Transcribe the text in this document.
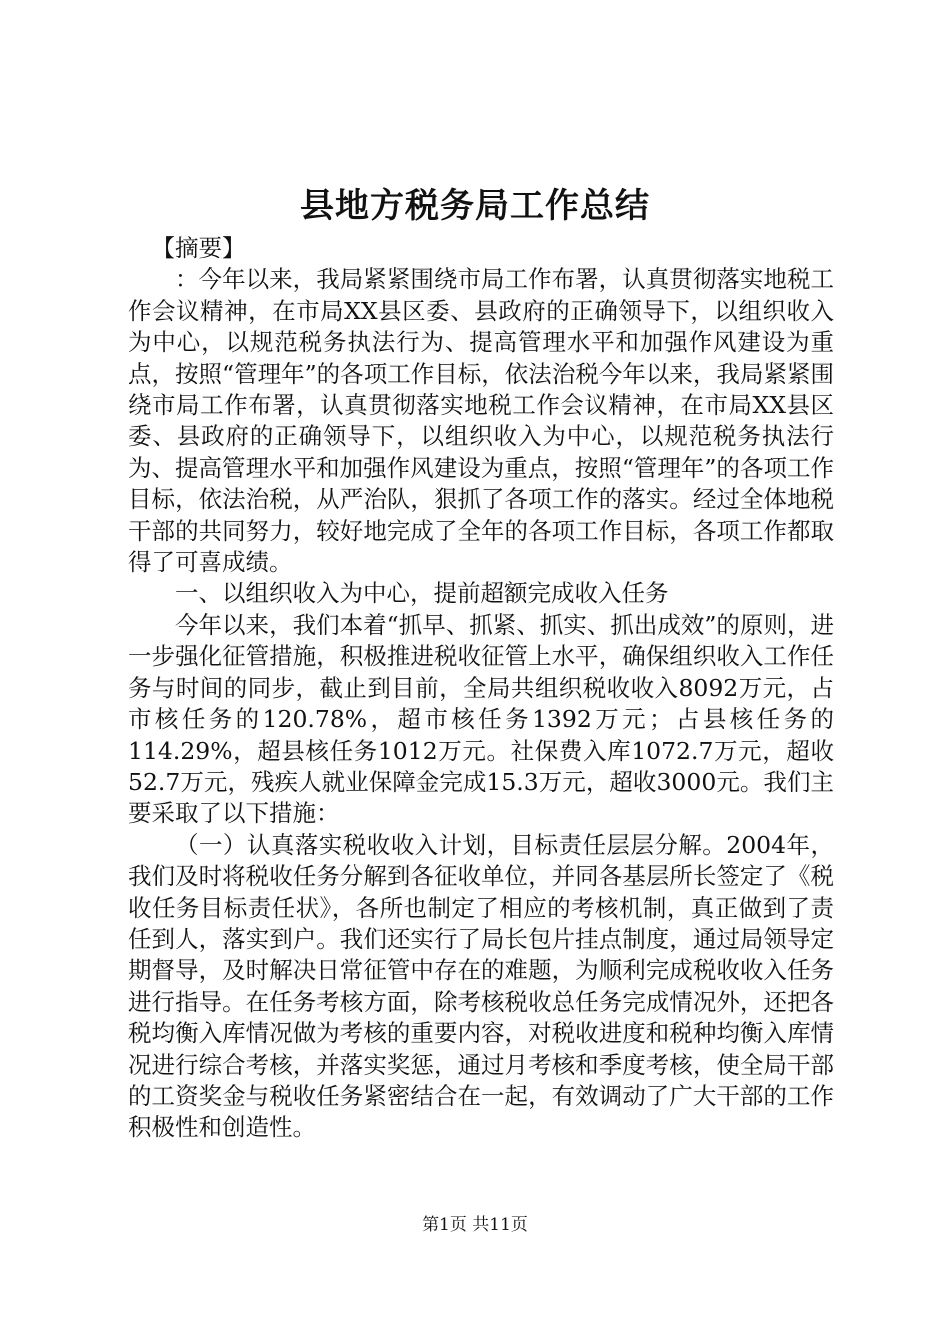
县地方税务局工作总结

【摘要】

：今年以来，我局紧紧围绕市局工作布署，认真贯彻落实地税工作会议精神，在市局XX县区委、县政府的正确领导下，以组织收入为中心，以规范税务执法行为、提高管理水平和加强作风建设为重点，按照“管理年”的各项工作目标，依法治税今年以来，我局紧紧围绕市局工作布署，认真贯彻落实地税工作会议精神，在市局XX县区委、县政府的正确领导下，以组织收入为中心，以规范税务执法行为、提高管理水平和加强作风建设为重点，按照“管理年”的各项工作目标，依法治税，从严治队，狠抓了各项工作的落实。经过全体地税干部的共同努力，较好地完成了全年的各项工作目标，各项工作都取得了可喜成绩。

一、以组织收入为中心，提前超额完成收入任务

今年以来，我们本着“抓早、抓紧、抓实、抓出成效”的原则，进一步强化征管措施，积极推进税收征管上水平，确保组织收入工作任务与时间的同步，截止到目前，全局共组织税收收入8092万元，占市核任务的120.78%，超市核任务1392万元；占县核任务的114.29%，超县核任务1012万元。社保费入库1072.7万元，超收52.7万元，残疾人就业保障金完成15.3万元，超收3000元。我们主要采取了以下措施：

（一）认真落实税收收入计划，目标责任层层分解。2004年，我们及时将税收任务分解到各征收单位，并同各基层所长签定了《税收任务目标责任状》，各所也制定了相应的考核机制，真正做到了责任到人，落实到户。我们还实行了局长包片挂点制度，通过局领导定期督导，及时解决日常征管中存在的难题，为顺利完成税收收入任务进行指导。在任务考核方面，除考核税收总任务完成情况外，还把各税均衡入库情况做为考核的重要内容，对税收进度和税种均衡入库情况进行综合考核，并落实奖惩，通过月考核和季度考核，使全局干部的工资奖金与税收任务紧密结合在一起，有效调动了广大干部的工作积极性和创造性。

第1页 共11页
